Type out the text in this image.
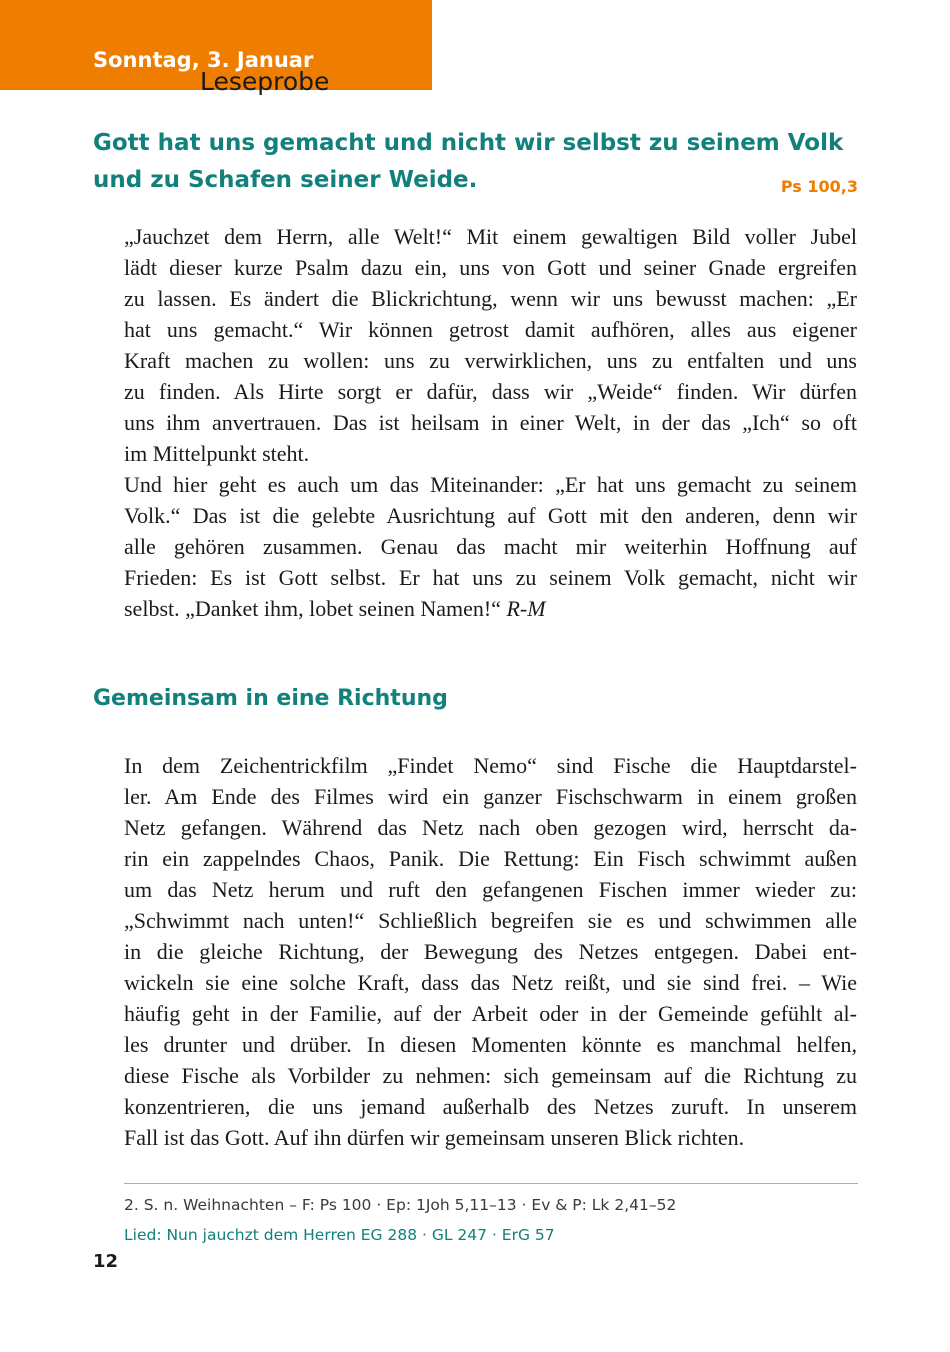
Sonntag, 3. Januar
Leseprobe
Gott hat uns gemacht und nicht wir selbst zu seinem Volk
und zu Schafen seiner Weide.	Ps 100,3
„Jauchzet dem Herrn, alle Welt!“ Mit einem gewaltigen Bild voller Jubel
lädt dieser kurze Psalm dazu ein, uns von Gott und seiner Gnade ergreifen
zu lassen. Es ändert die Blickrichtung, wenn wir uns bewusst machen: „Er
hat uns gemacht.“ Wir können getrost damit aufhören, alles aus eigener
Kraft machen zu wollen: uns zu verwirklichen, uns zu entfalten und uns
zu finden. Als Hirte sorgt er dafür, dass wir „Weide“ finden. Wir dürfen
uns ihm anvertrauen. Das ist heilsam in einer Welt, in der das „Ich“ so oft
im Mittelpunkt steht.
Und hier geht es auch um das Miteinander: „Er hat uns gemacht zu seinem
Volk.“ Das ist die gelebte Ausrichtung auf Gott mit den anderen, denn wir
alle gehören zusammen. Genau das macht mir weiterhin Hoffnung auf
Frieden: Es ist Gott selbst. Er hat uns zu seinem Volk gemacht, nicht wir
selbst. „Danket ihm, lobet seinen Namen!“ R-M
Gemeinsam in eine Richtung
In dem Zeichentrickfilm „Findet Nemo“ sind Fische die Hauptdarstel-
ler. Am Ende des Filmes wird ein ganzer Fischschwarm in einem großen
Netz gefangen. Während das Netz nach oben gezogen wird, herrscht da-
rin ein zappelndes Chaos, Panik. Die Rettung: Ein Fisch schwimmt außen
um das Netz herum und ruft den gefangenen Fischen immer wieder zu:
„Schwimmt nach unten!“ Schließlich begreifen sie es und schwimmen alle
in die gleiche Richtung, der Bewegung des Netzes entgegen. Dabei ent-
wickeln sie eine solche Kraft, dass das Netz reißt, und sie sind frei. – Wie
häufig geht in der Familie, auf der Arbeit oder in der Gemeinde gefühlt al-
les drunter und drüber. In diesen Momenten könnte es manchmal helfen,
diese Fische als Vorbilder zu nehmen: sich gemeinsam auf die Richtung zu
konzentrieren, die uns jemand außerhalb des Netzes zuruft. In unserem
Fall ist das Gott. Auf ihn dürfen wir gemeinsam unseren Blick richten.
2. S. n. Weihnachten – F: Ps 100 · Ep: 1Joh 5,11–13 · Ev & P: Lk 2,41–52
Lied: Nun jauchzt dem Herren EG 288 · GL 247 · ErG 57
12
